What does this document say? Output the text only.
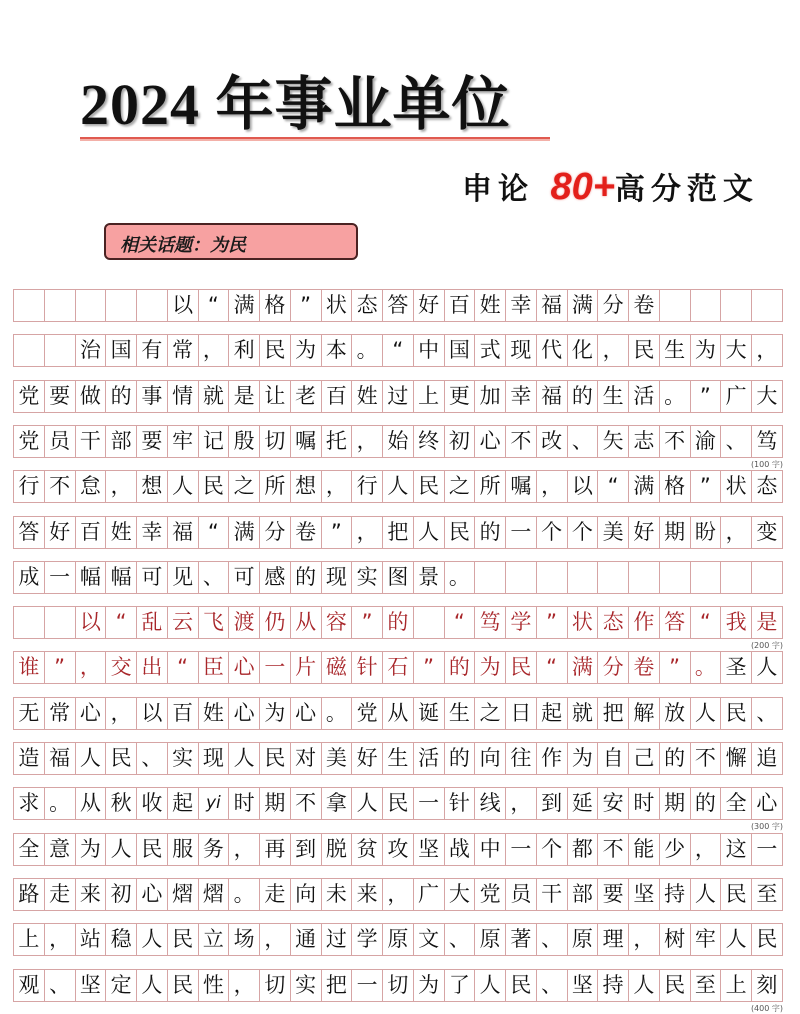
2024 年事业单位
申论 80+高分范文
相关话题：为民
以 “ 满 格 ” 状 态 答 好 百 姓 幸 福 满 分 卷
治 国 有 常 ， 利 民 为 本 。 “ 中 国 式 现 代 化 ， 民 生 为 大 ，
党 要 做 的 事 情 就 是 让 老 百 姓 过 上 更 加 幸 福 的 生 活 。 ” 广 大
党 员 干 部 要 牢 记 殷 切 嘱 托 ， 始 终 初 心 不 改 、 矢 志 不 渝 、 笃
(100 字)
行 不 怠 ， 想 人 民 之 所 想 ， 行 人 民 之 所 嘱 ， 以 “ 满 格 ” 状 态
答 好 百 姓 幸 福 “ 满 分 卷 ” ， 把 人 民 的 一 个 个 美 好 期 盼 ， 变
成 一 幅 幅 可 见 、 可 感 的 现 实 图 景 。
以 “ 乱 云 飞 渡 仍 从 容 ” 的	“ 笃 学 ” 状 态 作 答 “ 我 是
(200 字)
谁 ” ， 交 出 “ 臣 心 一 片 磁 针 石 ” 的 为 民 “ 满 分 卷 ” 。 圣 人
无 常 心 ， 以 百 姓 心 为 心 。 党 从 诞 生 之 日 起 就 把 解 放 人 民 、
造 福 人 民 、 实 现 人 民 对 美 好 生 活 的 向 往 作 为 自 己 的 不 懈 追
求 。 从 秋 收 起 yi 时 期 不 拿 人 民 一 针 线 ， 到 延 安 时 期 的 全 心
(300 字)
全 意 为 人 民 服 务 ， 再 到 脱 贫 攻 坚 战 中 一 个 都 不 能 少 ， 这 一
路 走 来 初 心 熠 熠 。 走 向 未 来 ， 广 大 党 员 干 部 要 坚 持 人 民 至
上 ， 站 稳 人 民 立 场 ， 通 过 学 原 文 、 原 著 、 原 理 ， 树 牢 人 民
观 、 坚 定 人 民 性 ， 切 实 把 一 切 为 了 人 民 、 坚 持 人 民 至 上 刻
(400 字)
